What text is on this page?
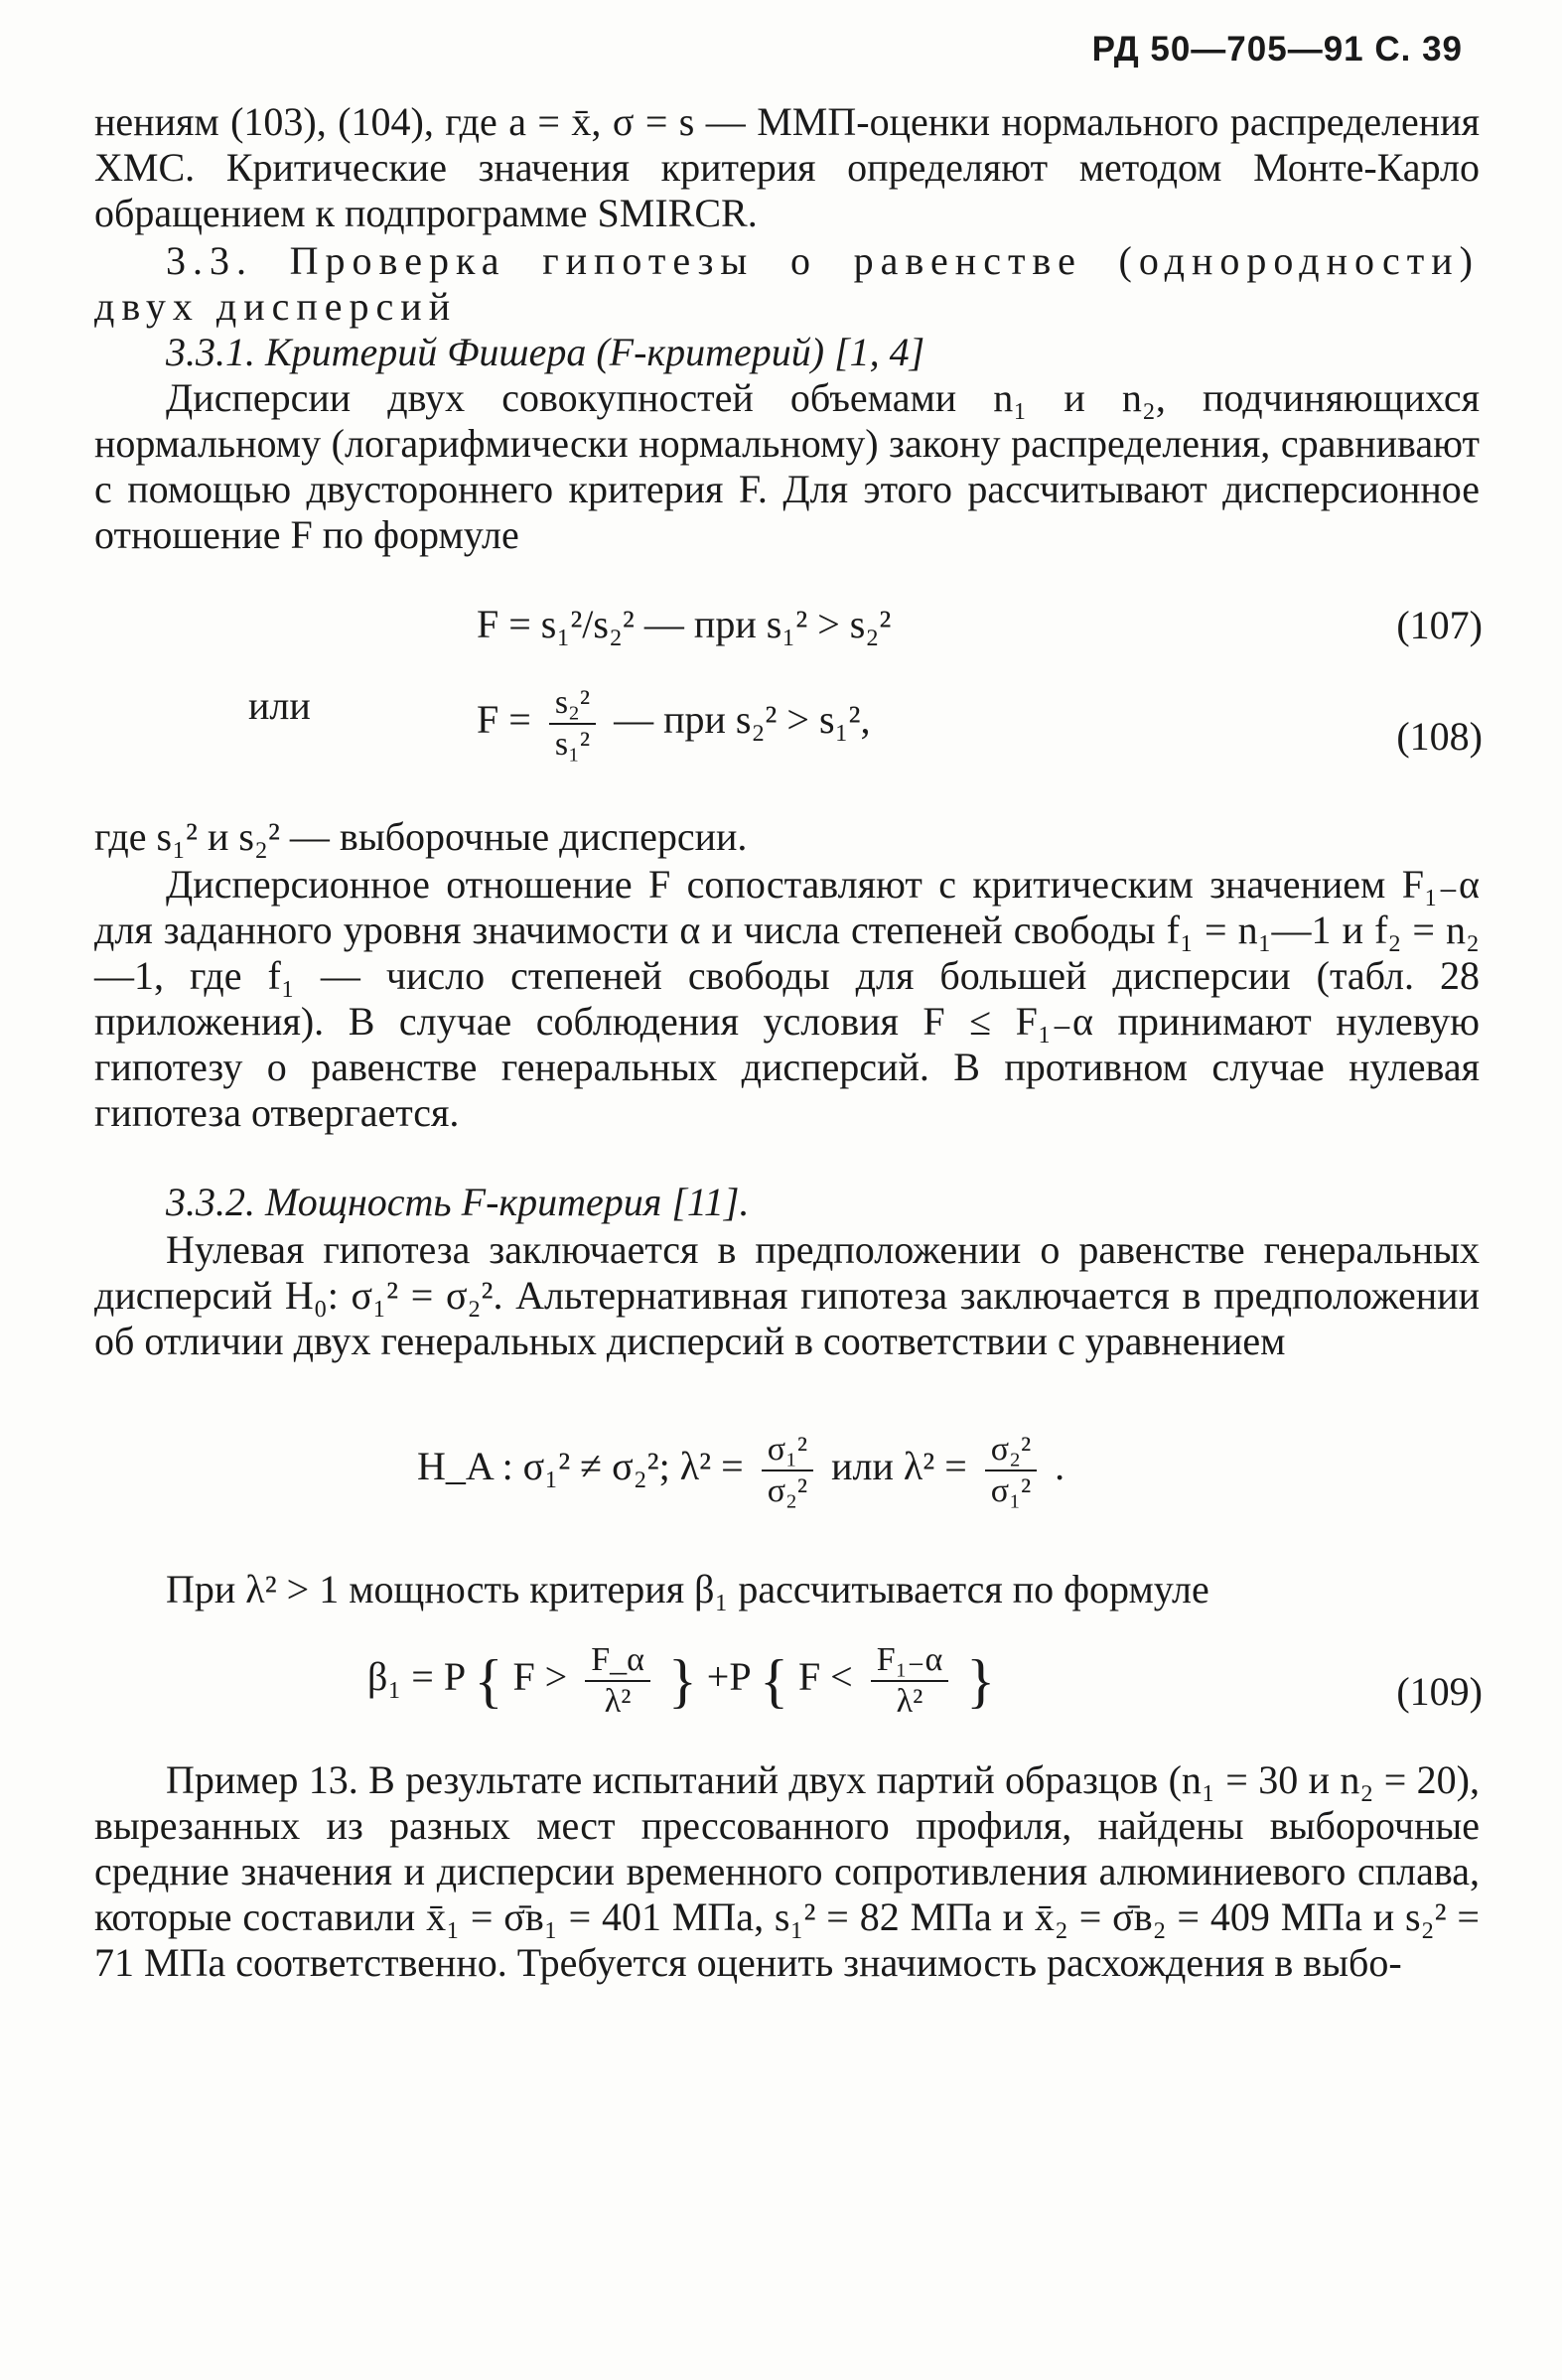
РД 50—705—91 С. 39
нениям (103), (104), где a = x̄, σ = s — ММП-оценки нормального распределения ХМС. Критические значения критерия определяют методом Монте-Карло обращением к подпрограмме SMIRCR.
3.3. Проверка гипотезы о равенстве (однородности) двух дисперсий
3.3.1. Критерий Фишера (F-критерий) [1, 4]
Дисперсии двух совокупностей объемами n₁ и n₂, подчиняющихся нормальному (логарифмически нормальному) закону распределения, сравнивают с помощью двустороннего критерия F. Для этого рассчитывают дисперсионное отношение F по формуле
F = s₁²/s₂² — при s₁² > s₂²	(107)
или	$F = \frac{\text{s₂²}}{\text{s₁²}}$ — при s₂² > s₁²,	(108)
где s₁² и s₂² — выборочные дисперсии.
Дисперсионное отношение F сопоставляют с критическим значением F₁₋α для заданного уровня значимости α и числа степеней свободы f₁ = n₁—1 и f₂ = n₂—1, где f₁ — число степеней свободы для большей дисперсии (табл. 28 приложения). В случае соблюдения условия F ≤ F₁₋α принимают нулевую гипотезу о равенстве генеральных дисперсий. В противном случае нулевая гипотеза отвергается.
3.3.2. Мощность F-критерия [11].
Нулевая гипотеза заключается в предположении о равенстве генеральных дисперсий H₀: σ₁² = σ₂². Альтернативная гипотеза заключается в предположении об отличии двух генеральных дисперсий в соответствии с уравнением
H_A : σ₁² ≠ σ₂²; $\lambda^2 = \frac{\text{σ₁²}}{\text{σ₂²}}$ или $\lambda^2 = \frac{\text{σ₂²}}{\text{σ₁²}}$ .
При λ² > 1 мощность критерия β₁ рассчитывается по формуле
β₁ = P { $F > \frac{F\_\alpha}{\text{λ²}}$ } +P { $F < \frac{\text{F₁₋α}}{\text{λ²}}$ }	(109)
Пример 13. В результате испытаний двух партий образцов (n₁ = 30 и n₂ = 20), вырезанных из разных мест прессованного профиля, найдены выборочные средние значения и дисперсии временного сопротивления алюминиевого сплава, которые составили x̄₁ = σ̄в₁ = 401 МПа, s₁² = 82 МПа и x̄₂ = σ̄в₂ = 409 МПа и s₂² = 71 МПа соответственно. Требуется оценить значимость расхождения в выбо-
